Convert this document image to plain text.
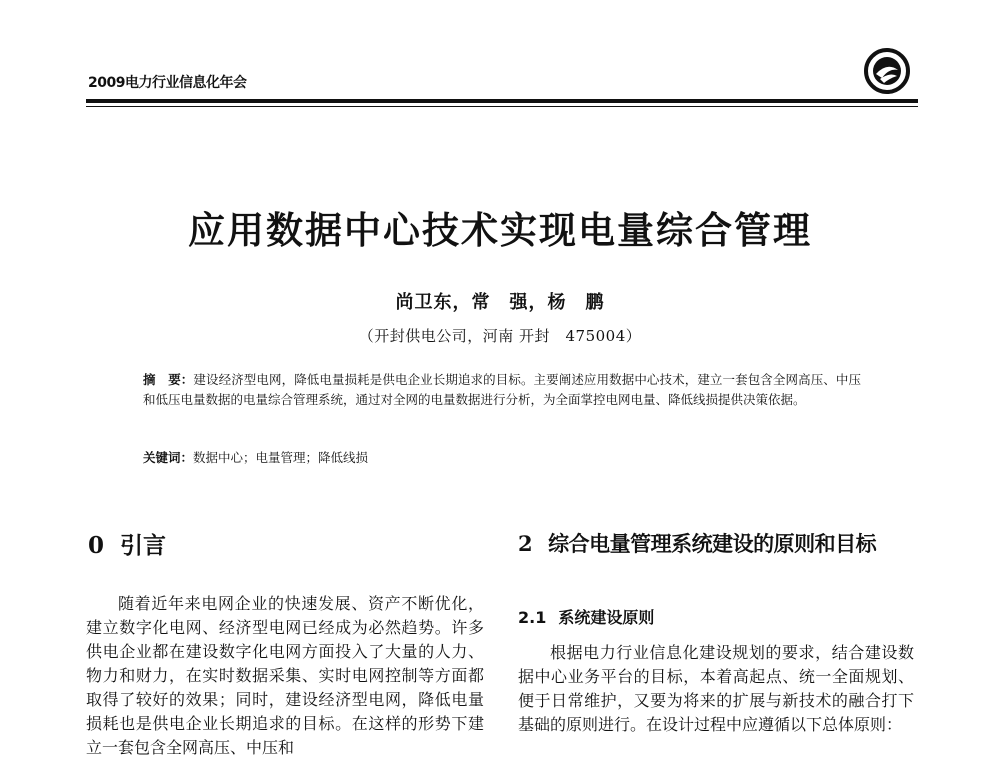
2009电力行业信息化年会
应用数据中心技术实现电量综合管理
尚卫东，常　强，杨　鹏
（开封供电公司，河南 开封　475004）
摘　要：建设经济型电网，降低电量损耗是供电企业长期追求的目标。主要阐述应用数据中心技术，建立一套包含全网高压、中压和低压电量数据的电量综合管理系统，通过对全网的电量数据进行分析，为全面掌控电网电量、降低线损提供决策依据。
关键词：数据中心；电量管理；降低线损
0 引言
随着近年来电网企业的快速发展、资产不断优化，建立数字化电网、经济型电网已经成为必然趋势。许多供电企业都在建设数字化电网方面投入了大量的人力、物力和财力，在实时数据采集、实时电网控制等方面都取得了较好的效果；同时，建设经济型电网，降低电量损耗也是供电企业长期追求的目标。在这样的形势下建立一套包含全网高压、中压和
2 综合电量管理系统建设的原则和目标
2.1 系统建设原则
根据电力行业信息化建设规划的要求，结合建设数据中心业务平台的目标，本着高起点、统一全面规划、便于日常维护，又要为将来的扩展与新技术的融合打下基础的原则进行。在设计过程中应遵循以下总体原则：
